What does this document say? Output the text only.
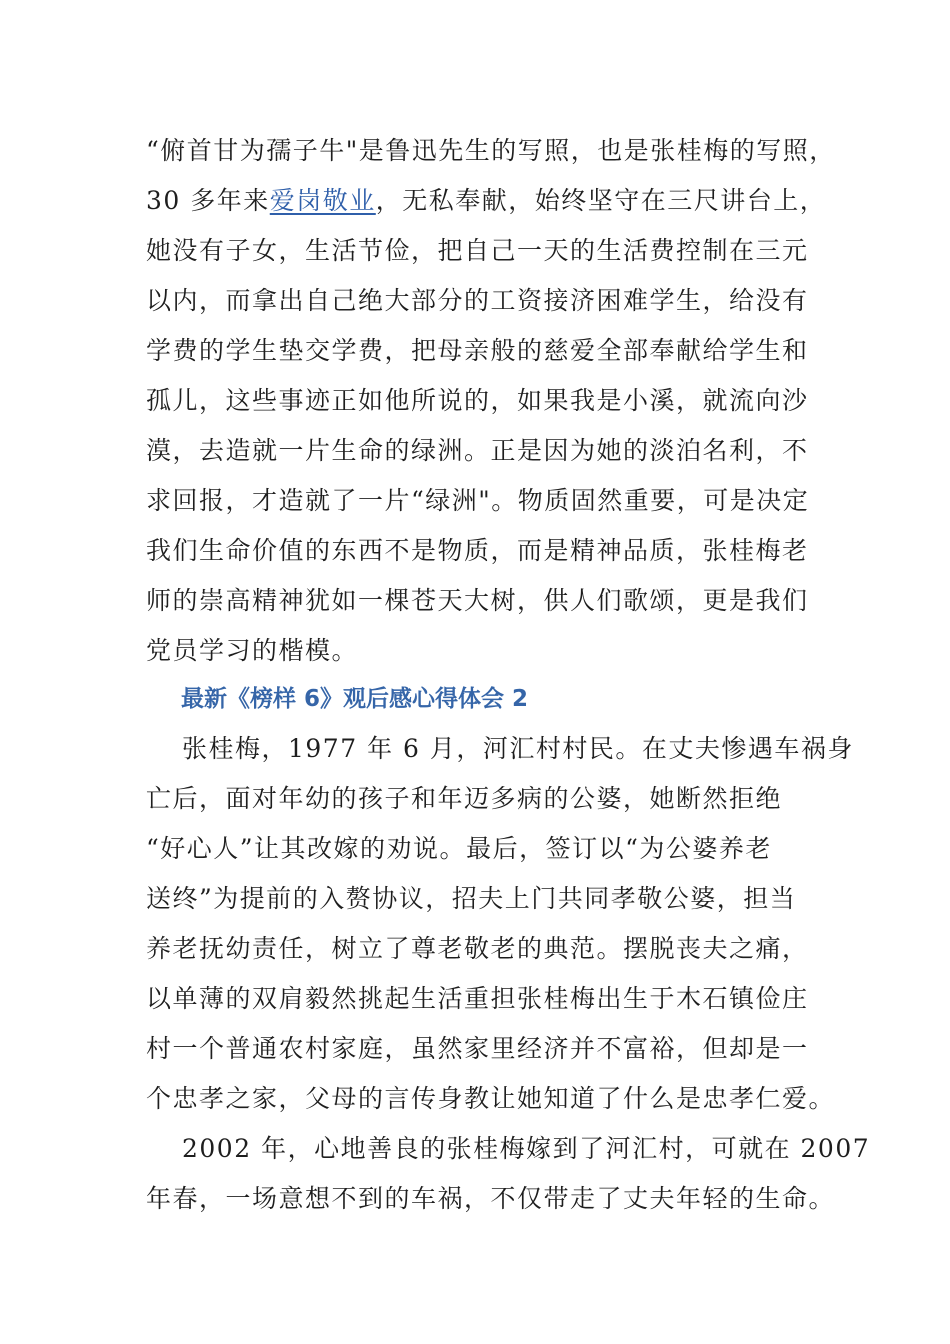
“俯首甘为孺子牛"是鲁迅先生的写照，也是张桂梅的写照，
30 多年来爱岗敬业，无私奉献，始终坚守在三尺讲台上，
她没有子女，生活节俭，把自己一天的生活费控制在三元
以内，而拿出自己绝大部分的工资接济困难学生，给没有
学费的学生垫交学费，把母亲般的慈爱全部奉献给学生和
孤儿，这些事迹正如他所说的，如果我是小溪，就流向沙
漠，去造就一片生命的绿洲。正是因为她的淡泊名利，不
求回报，才造就了一片“绿洲"。物质固然重要，可是决定
我们生命价值的东西不是物质，而是精神品质，张桂梅老
师的崇高精神犹如一棵苍天大树，供人们歌颂，更是我们
党员学习的楷模。
最新《榜样 6》观后感心得体会 2
张桂梅，1977 年 6 月，河汇村村民。在丈夫惨遇车祸身
亡后，面对年幼的孩子和年迈多病的公婆，她断然拒绝
“好心人”让其改嫁的劝说。最后，签订以“为公婆养老
送终”为提前的入赘协议，招夫上门共同孝敬公婆，担当
养老抚幼责任，树立了尊老敬老的典范。摆脱丧夫之痛，
以单薄的双肩毅然挑起生活重担张桂梅出生于木石镇俭庄
村一个普通农村家庭，虽然家里经济并不富裕，但却是一
个忠孝之家，父母的言传身教让她知道了什么是忠孝仁爱。
2002 年，心地善良的张桂梅嫁到了河汇村，可就在 2007
年春，一场意想不到的车祸，不仅带走了丈夫年轻的生命。
